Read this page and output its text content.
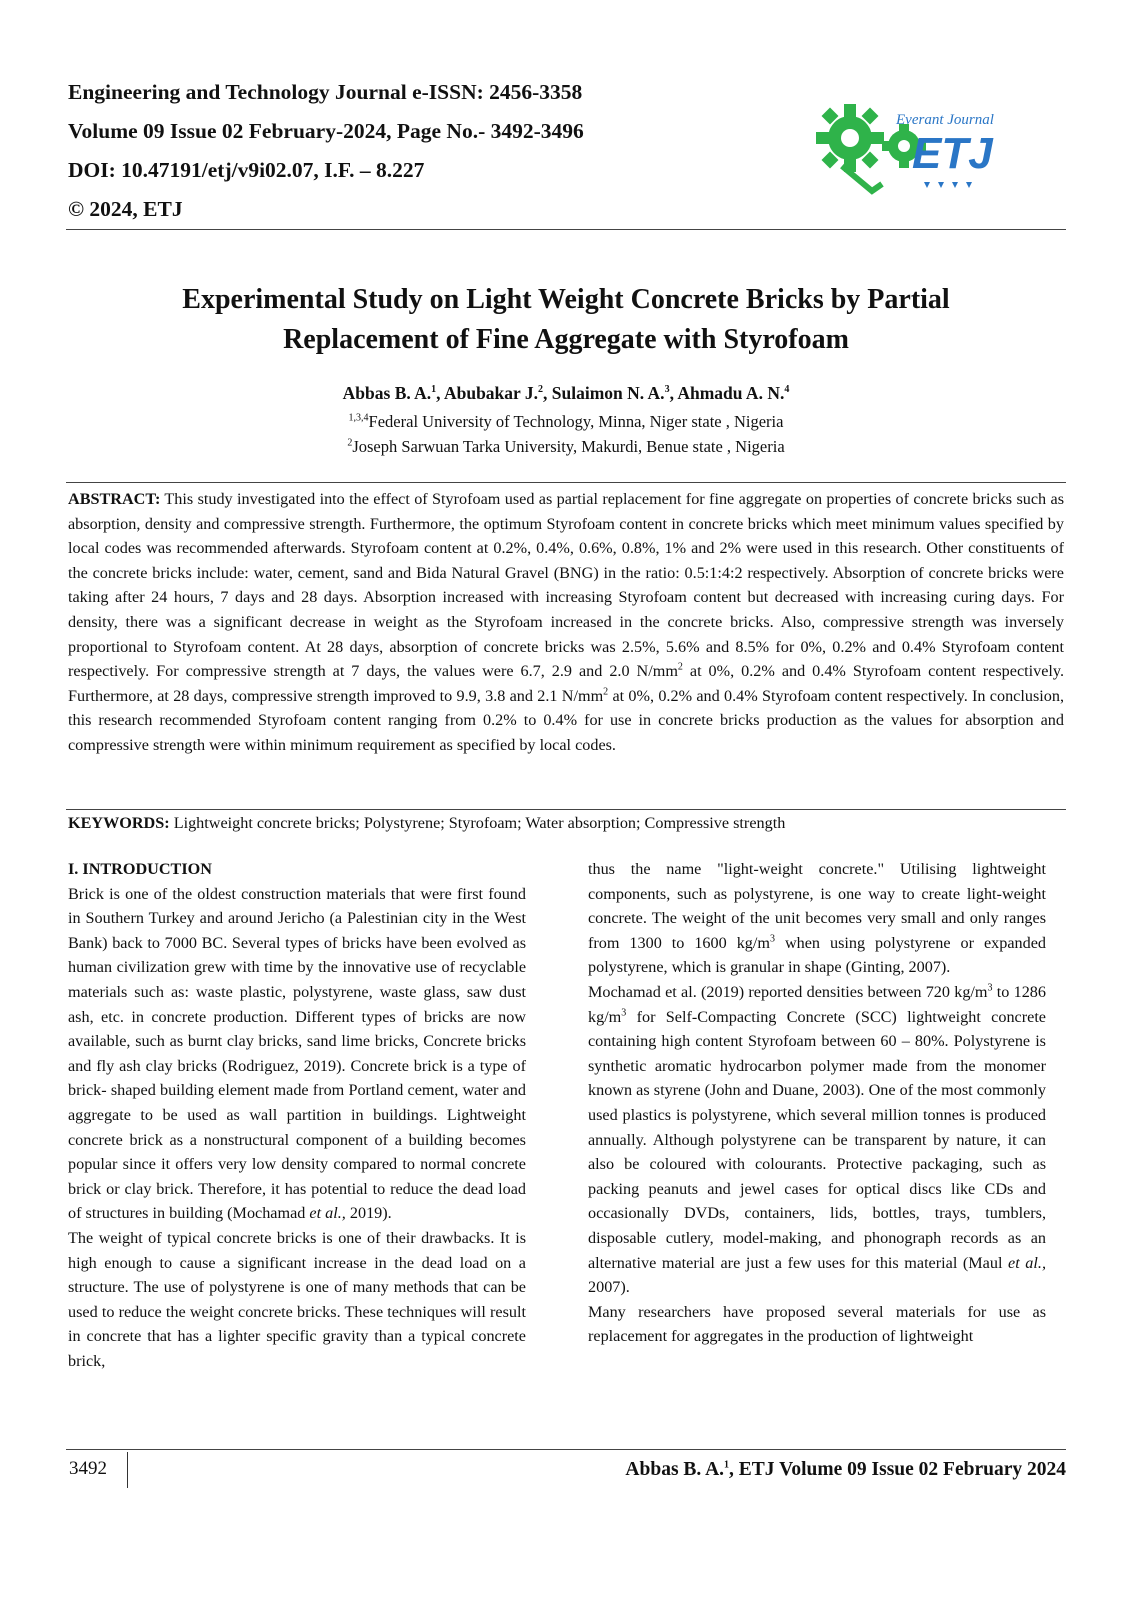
Engineering and Technology Journal e-ISSN: 2456-3358
Volume 09 Issue 02 February-2024, Page No.- 3492-3496
DOI: 10.47191/etj/v9i02.07, I.F. – 8.227
© 2024, ETJ
Everant Journal
ETJ
Experimental Study on Light Weight Concrete Bricks by Partial
Replacement of Fine Aggregate with Styrofoam
Abbas B. A.$^1$, Abubakar J.$^2$, Sulaimon N. A.$^3$, Ahmadu A. N.$^4$
$^{1,3,4}$Federal University of Technology, Minna, Niger state , Nigeria
$^2$Joseph Sarwuan Tarka University, Makurdi, Benue state , Nigeria
ABSTRACT: This study investigated into the effect of Styrofoam used as partial replacement for fine aggregate on properties of concrete bricks such as absorption, density and compressive strength. Furthermore, the optimum Styrofoam content in concrete bricks which meet minimum values specified by local codes was recommended afterwards. Styrofoam content at 0.2%, 0.4%, 0.6%, 0.8%, 1% and 2% were used in this research. Other constituents of the concrete bricks include: water, cement, sand and Bida Natural Gravel (BNG) in the ratio: 0.5:1:4:2 respectively. Absorption of concrete bricks were taking after 24 hours, 7 days and 28 days. Absorption increased with increasing Styrofoam content but decreased with increasing curing days. For density, there was a significant decrease in weight as the Styrofoam increased in the concrete bricks. Also, compressive strength was inversely proportional to Styrofoam content. At 28 days, absorption of concrete bricks was 2.5%, 5.6% and 8.5% for 0%, 0.2% and 0.4% Styrofoam content respectively. For compressive strength at 7 days, the values were 6.7, 2.9 and 2.0 $N/mm^2$ at 0%, 0.2% and 0.4% Styrofoam content respectively. Furthermore, at 28 days, compressive strength improved to 9.9, 3.8 and 2.1 $N/mm^2$ at 0%, 0.2% and 0.4% Styrofoam content respectively. In conclusion, this research recommended Styrofoam content ranging from 0.2% to 0.4% for use in concrete bricks production as the values for absorption and compressive strength were within minimum requirement as specified by local codes.
KEYWORDS: Lightweight concrete bricks; Polystyrene; Styrofoam; Water absorption; Compressive strength

I. INTRODUCTION

Brick is one of the oldest construction materials that were first found in Southern Turkey and around Jericho (a Palestinian city in the West Bank) back to 7000 BC. Several types of bricks have been evolved as human civilization grew with time by the innovative use of recyclable materials such as: waste plastic, polystyrene, waste glass, saw dust ash, etc. in concrete production. Different types of bricks are now available, such as burnt clay bricks, sand lime bricks, Concrete bricks and fly ash clay bricks (Rodriguez, 2019). Concrete brick is a type of brick- shaped building element made from Portland cement, water and aggregate to be used as wall partition in buildings. Lightweight concrete brick as a nonstructural component of a building becomes popular since it offers very low density compared to normal concrete brick or clay brick. Therefore, it has potential to reduce the dead load of structures in building (Mochamad et al., 2019).

The weight of typical concrete bricks is one of their drawbacks. It is high enough to cause a significant increase in the dead load on a structure. The use of polystyrene is one of many methods that can be used to reduce the weight concrete bricks. These techniques will result in concrete that has a lighter specific gravity than a typical concrete brick,

thus the name "light-weight concrete." Utilising lightweight components, such as polystyrene, is one way to create light-weight concrete. The weight of the unit becomes very small and only ranges from 1300 to 1600 $kg/m^3$ when using polystyrene or expanded polystyrene, which is granular in shape (Ginting, 2007).

Mochamad et al. (2019) reported densities between 720 $kg/m^3$ to 1286 $kg/m^3$ for Self-Compacting Concrete (SCC) lightweight concrete containing high content Styrofoam between 60 – 80%. Polystyrene is synthetic aromatic hydrocarbon polymer made from the monomer known as styrene (John and Duane, 2003). One of the most commonly used plastics is polystyrene, which several million tonnes is produced annually. Although polystyrene can be transparent by nature, it can also be coloured with colourants. Protective packaging, such as packing peanuts and jewel cases for optical discs like CDs and occasionally DVDs, containers, lids, bottles, trays, tumblers, disposable cutlery, model-making, and phonograph records as an alternative material are just a few uses for this material (Maul et al., 2007).

Many researchers have proposed several materials for use as replacement for aggregates in the production of lightweight

3492	Abbas B. A.$^1$, ETJ Volume 09 Issue 02 February 2024
